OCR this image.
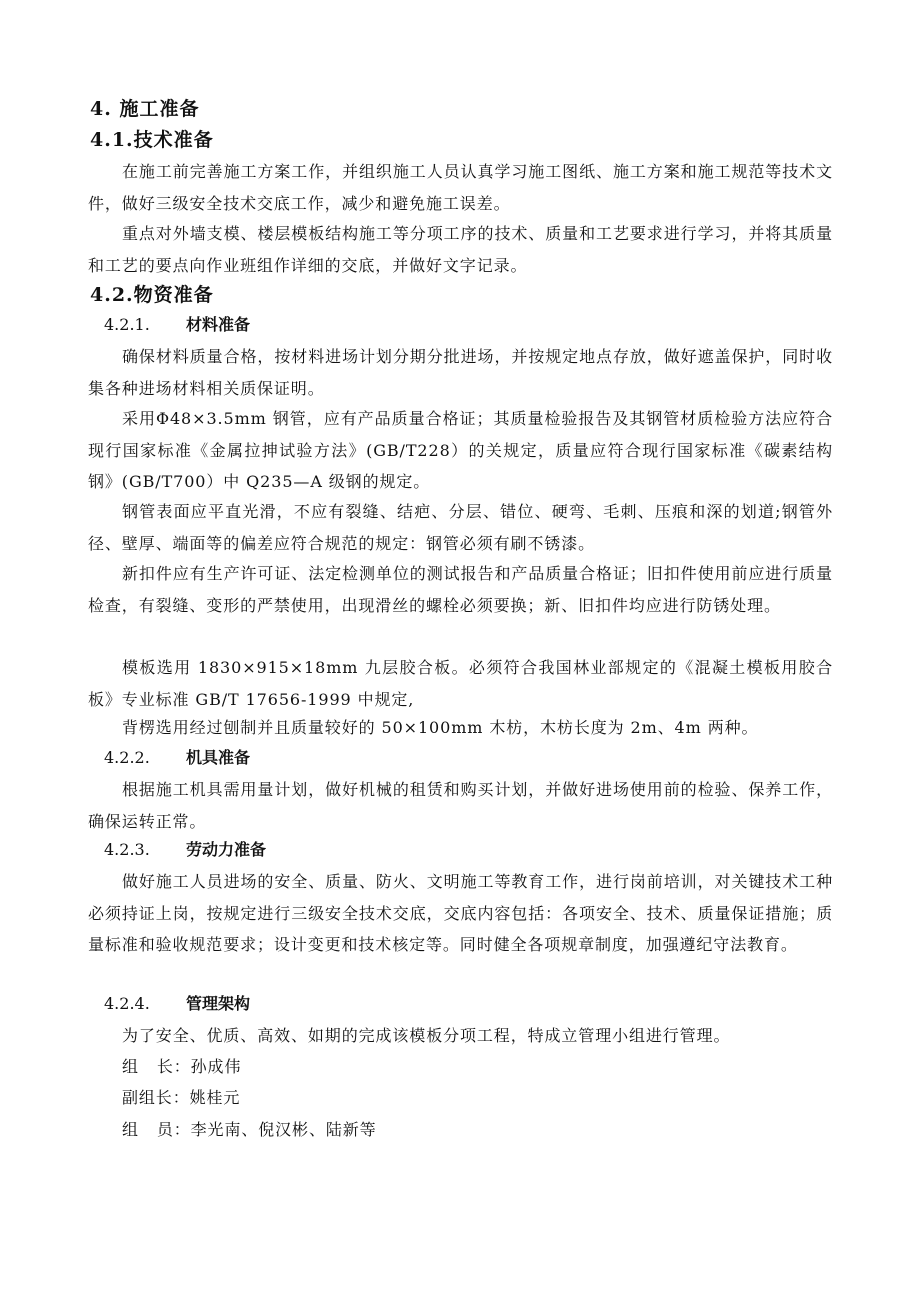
4. 施工准备
4.1.技术准备

在施工前完善施工方案工作，并组织施工人员认真学习施工图纸、施工方案和施工规范等技术文件，做好三级安全技术交底工作，减少和避免施工误差。

重点对外墙支模、楼层模板结构施工等分项工序的技术、质量和工艺要求进行学习，并将其质量和工艺的要点向作业班组作详细的交底，并做好文字记录。

4.2.物资准备
4.2.1. 材料准备

确保材料质量合格，按材料进场计划分期分批进场，并按规定地点存放，做好遮盖保护，同时收集各种进场材料相关质保证明。

采用Φ48×3.5mm 钢管，应有产品质量合格证；其质量检验报告及其钢管材质检验方法应符合现行国家标准《金属拉抻试验方法》(GB/T228）的关规定，质量应符合现行国家标准《碳素结构钢》(GB/T700）中 Q235—A 级钢的规定。

钢管表面应平直光滑，不应有裂缝、结疤、分层、错位、硬弯、毛刺、压痕和深的划道;钢管外径、壁厚、端面等的偏差应符合规范的规定：钢管必须有刷不锈漆。

新扣件应有生产许可证、法定检测单位的测试报告和产品质量合格证；旧扣件使用前应进行质量检查，有裂缝、变形的严禁使用，出现滑丝的螺栓必须要换；新、旧扣件均应进行防锈处理。

模板选用 1830×915×18mm 九层胶合板。必须符合我国林业部规定的《混凝土模板用胶合板》专业标准 GB/T 17656-1999 中规定,

背楞选用经过刨制并且质量较好的 50×100mm 木枋，木枋长度为 2m、4m 两种。

4.2.2. 机具准备

根据施工机具需用量计划，做好机械的租赁和购买计划，并做好进场使用前的检验、保养工作，确保运转正常。

4.2.3. 劳动力准备

做好施工人员进场的安全、质量、防火、文明施工等教育工作，进行岗前培训，对关键技术工种必须持证上岗，按规定进行三级安全技术交底，交底内容包括：各项安全、技术、质量保证措施；质量标准和验收规范要求；设计变更和技术核定等。同时健全各项规章制度，加强遵纪守法教育。

4.2.4. 管理架构
为了安全、优质、高效、如期的完成该模板分项工程，特成立管理小组进行管理。
组   长：孙成伟
副组长：姚桂元
组   员：李光南、倪汉彬、陆新等
